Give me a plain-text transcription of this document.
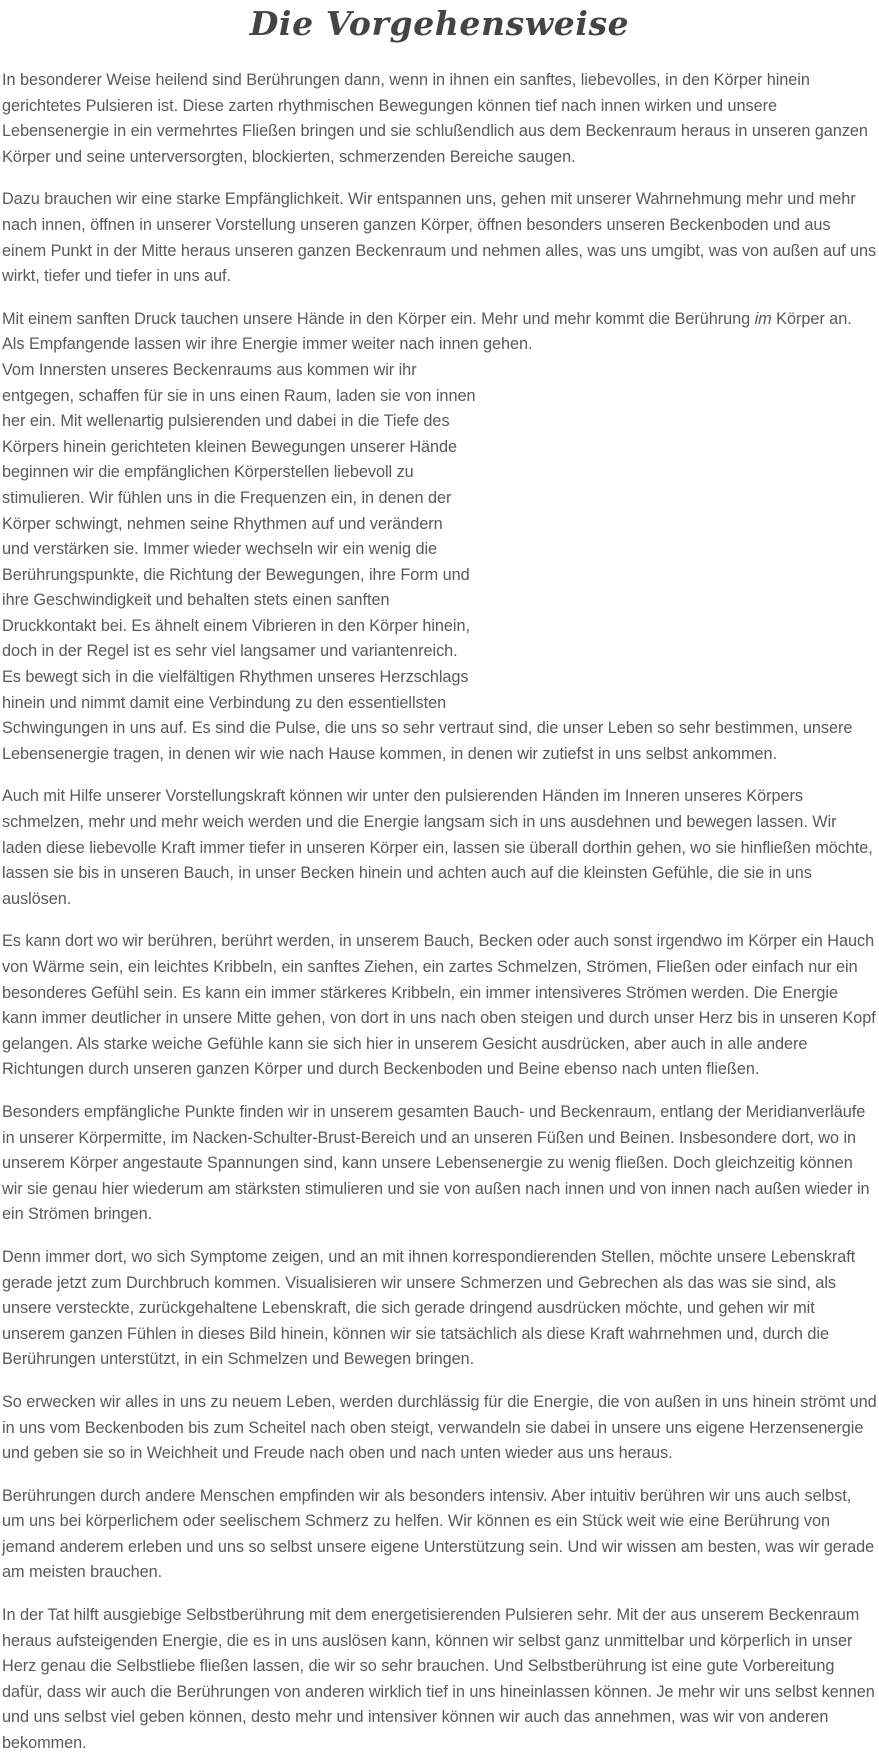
Die Vorgehensweise

In besonderer Weise heilend sind Berührungen dann, wenn in ihnen ein sanftes, liebevolles, in den Körper hinein gerichtetes Pulsieren ist. Diese zarten rhythmischen Bewegungen können tief nach innen wirken und unsere Lebensenergie in ein vermehrtes Fließen bringen und sie schlußendlich aus dem Beckenraum heraus in unseren ganzen Körper und seine unterversorgten, blockierten, schmerzenden Bereiche saugen.

Dazu brauchen wir eine starke Empfänglichkeit. Wir entspannen uns, gehen mit unserer Wahrnehmung mehr und mehr nach innen, öffnen in unserer Vorstellung unseren ganzen Körper, öffnen besonders unseren Beckenboden und aus einem Punkt in der Mitte heraus unseren ganzen Beckenraum und nehmen alles, was uns umgibt, was von außen auf uns wirkt, tiefer und tiefer in uns auf.

Mit einem sanften Druck tauchen unsere Hände in den Körper ein. Mehr und mehr kommt die Berührung im Körper an. Als Empfangende lassen wir ihre Energie immer weiter nach innen gehen.
Vom Innersten unseres Beckenraums aus kommen wir ihr
entgegen, schaffen für sie in uns einen Raum, laden sie von innen
her ein. Mit wellenartig pulsierenden und dabei in die Tiefe des
Körpers hinein gerichteten kleinen Bewegungen unserer Hände
beginnen wir die empfänglichen Körperstellen liebevoll zu
stimulieren. Wir fühlen uns in die Frequenzen ein, in denen der
Körper schwingt, nehmen seine Rhythmen auf und verändern
und verstärken sie. Immer wieder wechseln wir ein wenig die
Berührungspunkte, die Richtung der Bewegungen, ihre Form und
ihre Geschwindigkeit und behalten stets einen sanften
Druckkontakt bei. Es ähnelt einem Vibrieren in den Körper hinein,
doch in der Regel ist es sehr viel langsamer und variantenreich.
Es bewegt sich in die vielfältigen Rhythmen unseres Herzschlags
hinein und nimmt damit eine Verbindung zu den essentiellsten
Schwingungen in uns auf. Es sind die Pulse, die uns so sehr vertraut sind, die unser Leben so sehr bestimmen, unsere Lebensenergie tragen, in denen wir wie nach Hause kommen, in denen wir zutiefst in uns selbst ankommen.

Auch mit Hilfe unserer Vorstellungskraft können wir unter den pulsierenden Händen im Inneren unseres Körpers schmelzen, mehr und mehr weich werden und die Energie langsam sich in uns ausdehnen und bewegen lassen. Wir laden diese liebevolle Kraft immer tiefer in unseren Körper ein, lassen sie überall dorthin gehen, wo sie hinfließen möchte, lassen sie bis in unseren Bauch, in unser Becken hinein und achten auch auf die kleinsten Gefühle, die sie in uns auslösen.

Es kann dort wo wir berühren, berührt werden, in unserem Bauch, Becken oder auch sonst irgendwo im Körper ein Hauch von Wärme sein, ein leichtes Kribbeln, ein sanftes Ziehen, ein zartes Schmelzen, Strömen, Fließen oder einfach nur ein besonderes Gefühl sein. Es kann ein immer stärkeres Kribbeln, ein immer intensiveres Strömen werden. Die Energie kann immer deutlicher in unsere Mitte gehen, von dort in uns nach oben steigen und durch unser Herz bis in unseren Kopf gelangen. Als starke weiche Gefühle kann sie sich hier in unserem Gesicht ausdrücken, aber auch in alle andere Richtungen durch unseren ganzen Körper und durch Beckenboden und Beine ebenso nach unten fließen.

Besonders empfängliche Punkte finden wir in unserem gesamten Bauch- und Beckenraum, entlang der Meridianverläufe in unserer Körpermitte, im Nacken-Schulter-Brust-Bereich und an unseren Füßen und Beinen. Insbesondere dort, wo in unserem Körper angestaute Spannungen sind, kann unsere Lebensenergie zu wenig fließen. Doch gleichzeitig können wir sie genau hier wiederum am stärksten stimulieren und sie von außen nach innen und von innen nach außen wieder in ein Strömen bringen.

Denn immer dort, wo sich Symptome zeigen, und an mit ihnen korrespondierenden Stellen, möchte unsere Lebenskraft gerade jetzt zum Durchbruch kommen. Visualisieren wir unsere Schmerzen und Gebrechen als das was sie sind, als unsere versteckte, zurückgehaltene Lebenskraft, die sich gerade dringend ausdrücken möchte, und gehen wir mit unserem ganzen Fühlen in dieses Bild hinein, können wir sie tatsächlich als diese Kraft wahrnehmen und, durch die Berührungen unterstützt, in ein Schmelzen und Bewegen bringen.

So erwecken wir alles in uns zu neuem Leben, werden durchlässig für die Energie, die von außen in uns hinein strömt und in uns vom Beckenboden bis zum Scheitel nach oben steigt, verwandeln sie dabei in unsere uns eigene Herzensenergie und geben sie so in Weichheit und Freude nach oben und nach unten wieder aus uns heraus.

Berührungen durch andere Menschen empfinden wir als besonders intensiv. Aber intuitiv berühren wir uns auch selbst, um uns bei körperlichem oder seelischem Schmerz zu helfen. Wir können es ein Stück weit wie eine Berührung von jemand anderem erleben und uns so selbst unsere eigene Unterstützung sein. Und wir wissen am besten, was wir gerade am meisten brauchen.

In der Tat hilft ausgiebige Selbstberührung mit dem energetisierenden Pulsieren sehr. Mit der aus unserem Beckenraum heraus aufsteigenden Energie, die es in uns auslösen kann, können wir selbst ganz unmittelbar und körperlich in unser Herz genau die Selbstliebe fließen lassen, die wir so sehr brauchen. Und Selbstberührung ist eine gute Vorbereitung dafür, dass wir auch die Berührungen von anderen wirklich tief in uns hineinlassen können. Je mehr wir uns selbst kennen und uns selbst viel geben können, desto mehr und intensiver können wir auch das annehmen, was wir von anderen bekommen.
